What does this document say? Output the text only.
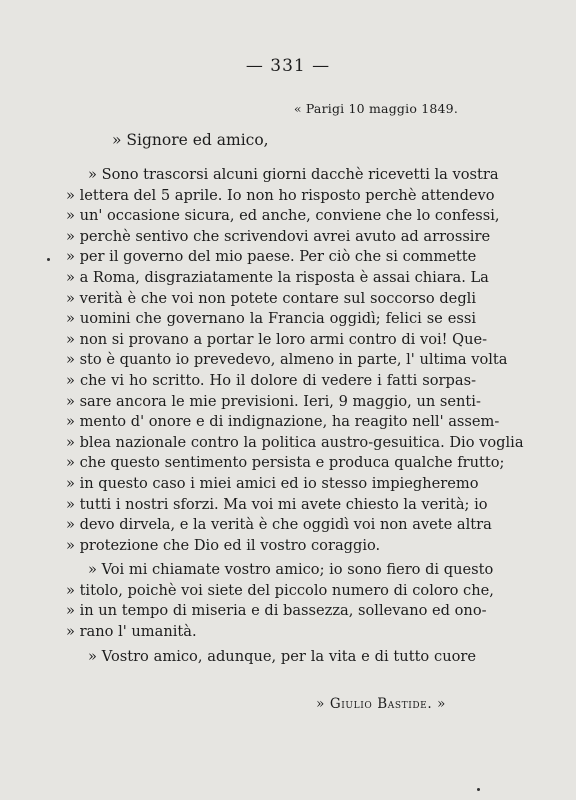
— 331 —
« Parigi 10 maggio 1849.
» Signore ed amico,
» Sono trascorsi alcuni giorni dacchè ricevetti la vostra
» lettera del 5 aprile. Io non ho risposto perchè attendevo
» un' occasione sicura, ed anche, conviene che lo confessi,
» perchè sentivo che scrivendovi avrei avuto ad arrossire
» per il governo del mio paese. Per ciò che si commette
» a Roma, disgraziatamente la risposta è assai chiara. La
» verità è che voi non potete contare sul soccorso degli
» uomini che governano la Francia oggidì; felici se essi
» non si provano a portar le loro armi contro di voi! Que-
» sto è quanto io prevedevo, almeno in parte, l' ultima volta
» che vi ho scritto. Ho il dolore di vedere i fatti sorpas-
» sare ancora le mie previsioni. Ieri, 9 maggio, un senti-
» mento d' onore e di indignazione, ha reagito nell' assem-
» blea nazionale contro la politica austro-gesuitica. Dio voglia
» che questo sentimento persista e produca qualche frutto;
» in questo caso i miei amici ed io stesso impiegheremo
» tutti i nostri sforzi. Ma voi mi avete chiesto la verità; io
» devo dirvela, e la verità è che oggidì voi non avete altra
» protezione che Dio ed il vostro coraggio.
» Voi mi chiamate vostro amico; io sono fiero di questo
» titolo, poichè voi siete del piccolo numero di coloro che,
» in un tempo di miseria e di bassezza, sollevano ed ono-
» rano l' umanità.
» Vostro amico, adunque, per la vita e di tutto cuore
» Giulio Bastide. »
